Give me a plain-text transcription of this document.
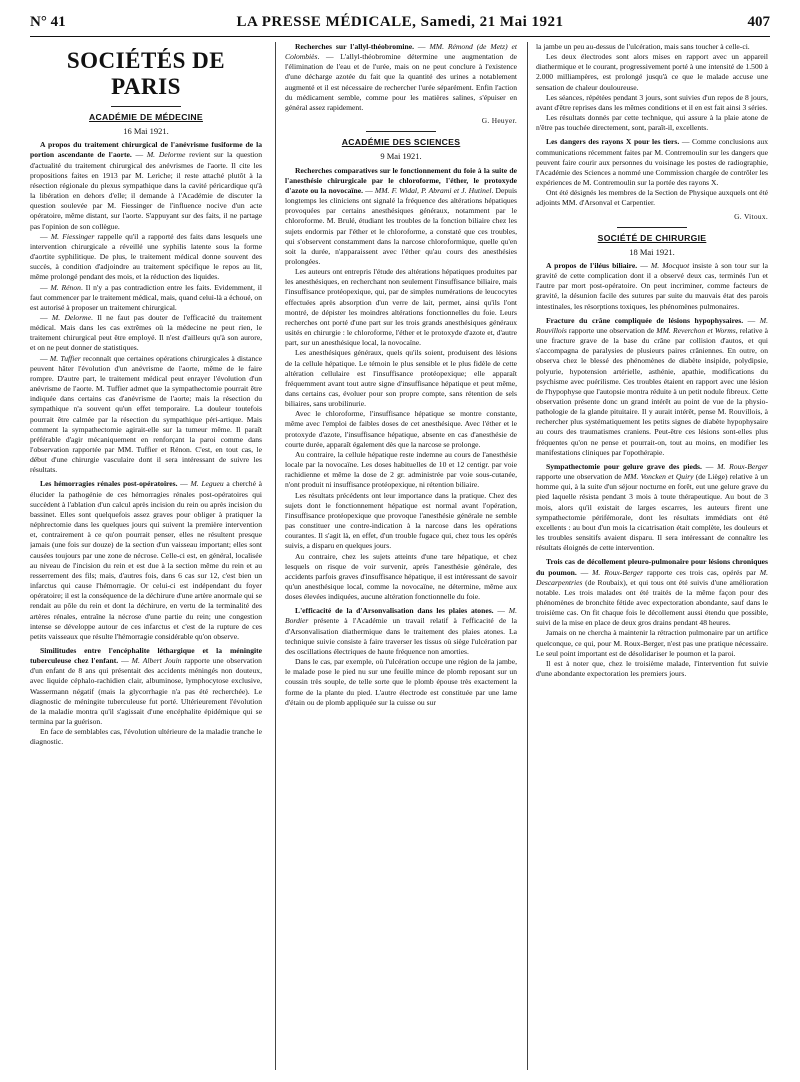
N° 41	LA PRESSE MÉDICALE, Samedi, 21 Mai 1921	407
SOCIÉTÉS DE PARIS
ACADÉMIE DE MÉDECINE
16 Mai 1921.

A propos du traitement chirurgical de l'anévrisme fusiforme de la portion ascendante de l'aorte. — M. Delorme revient sur la question d'actualité du traitement chirurgical des anévrismes de l'aorte. Il cite les propositions faites en 1913 par M. Leriche; il reste attaché plutôt à la résection régionale du plexus sympathique dans la cavité péricardique qu'à la libération en dehors d'elle; il demande à l'Académie de discuter la question soulevée par M. Fiessinger de l'influence nocive d'un acte opératoire, même distant, sur l'aorte. S'appuyant sur des faits, il ne partage pas l'opinion de son collègue.

— M. Fiessinger rappelle qu'il a rapporté des faits dans lesquels une intervention chirurgicale a réveillé une syphilis latente sous la forme d'aortite syphilitique. De plus, le traitement médical donne souvent des succès, à condition d'adjoindre au traitement spécifique le repos au lit, même prolongé pendant des mois, et la réduction des liquides.

— M. Rénon. Il n'y a pas contradiction entre les faits. Evidemment, il faut commencer par le traitement médical, mais, quand celui-là a échoué, on est autorisé à proposer un traitement chirurgical.

— M. Delorme. Il ne faut pas douter de l'efficacité du traitement médical. Mais dans les cas extrêmes où la médecine ne peut rien, le traitement chirurgical peut être employé. Il n'est d'ailleurs qu'à son aurore, et on ne peut donner de statistiques.

— M. Tuffier reconnaît que certaines opérations chirurgicales à distance peuvent hâter l'évolution d'un anévrisme de l'aorte, même de le faire rompre. D'autre part, le traitement médical peut enrayer l'évolution d'un anévrisme de l'aorte. M. Tuffier admet que la sympathectomie pourrait être indiquée dans certains cas d'anévrisme de l'aorte; mais la résection du sympathique n'a souvent qu'un effet temporaire. La douleur toutefois pourrait être calmée par la résection du sympathique péri-artique. Mais comment la sympathectomie agirait-elle sur la tumeur même. Il paraît préférable d'agir mécaniquement en renforçant la paroi comme dans l'observation rapportée par MM. Tuffier et Rénon. C'est, en tout cas, le début d'une chirurgie vasculaire dont il sera intéressant de suivre les résultats.

Les hémorragies rénales post-opératoires. — M. Legueu a cherché à élucider la pathogénie de ces hémorragies rénales post-opératoires qui succèdent à l'ablation d'un calcul après incision du rein ou après incision du bassinet. Elles sont quelquefois assez graves pour obliger à pratiquer la néphrectomie dans les quelques jours qui suivent la première intervention et, contrairement à ce qu'on pourrait penser, elles ne résultent presque jamais (une fois sur douze) de la section d'un vaisseau important; elles sont causées toujours par une zone de nécrose. Celle-ci est, en général, localisée au niveau de l'incision du rein et est due à la section même du rein et au resserrement des fils; mais, d'autres fois, dans 6 cas sur 12, c'est bien un infarctus qui cause l'hémorragie. Or celui-ci est indépendant du foyer opératoire; il est la conséquence de la déchirure d'une artère anormale qui se rendait au pôle du rein et dont la déchirure, en vertu de la terminalité des artères rénales, entraîne la nécrose d'une partie du rein; une congestion intense se développe autour de ces infarctus et c'est de la rupture de ces petits vaisseaux que résulte l'hémorragie considérable qu'on observe.

Similitudes entre l'encéphalite léthargique et la méningite tuberculeuse chez l'enfant. — M. Albert Jouin rapporte une observation d'un enfant de 8 ans qui présentait des accidents méningés non douteux, avec liquide céphalo-rachidien clair, albuminose, lymphocytose exclusive, Wassermann négatif (mais la glycorrhagie n'a pas été recherchée). Le diagnostic de méningite tuberculeuse fut porté. Ultérieurement l'évolution de la maladie montra qu'il s'agissait d'une encéphalite épidémique qui se termina par la guérison.

En face de semblables cas, l'évolution ultérieure de la maladie tranche le diagnostic.

Recherches sur l'allyl-théobromine. — MM. Rémond (de Metz) et Colombiès. — L'allyl-théobromine détermine une augmentation de l'élimination de l'eau et de l'urée, mais on ne peut conclure à l'existence d'une décharge azotée du fait que la quantité des urines a notablement augmenté et il est nécessaire de rechercher l'urée séparément. Enfin l'action du médicament semble, comme pour les matières salines, s'épuiser en général assez rapidement.

G. Heuyer.
ACADÉMIE DES SCIENCES
9 Mai 1921.

Recherches comparatives sur le fonctionnement du foie à la suite de l'anesthésie chirurgicale par le chloroforme, l'éther, le protoxyde d'azote ou la novocaïne. — MM. F. Widal, P. Abrami et J. Hutinel. Depuis longtemps les cliniciens ont signalé la fréquence des altérations hépatiques provoquées par certains anesthésiques généraux, notamment par le chloroforme. M. Brulé, étudiant les troubles de la fonction biliaire chez les sujets endormis par l'éther et le chloroforme, a constaté que ces troubles, qui s'observent constamment dans la narcose chloroformique, quelle qu'en soit la durée, n'apparaissent avec l'éther qu'au cours des anesthésies prolongées.

Les auteurs ont entrepris l'étude des altérations hépatiques produites par les anesthésiques, en recherchant non seulement l'insuffisance biliaire, mais l'insuffisance protéopexique, qui, par de simples numérations de leucocytes effectuées après absorption d'un verre de lait, permet, ainsi qu'ils l'ont montré, de dépister les moindres altérations fonctionnelles du foie. Leurs recherches ont porté d'une part sur les trois grands anesthésiques généraux usités en chirurgie : le chloroforme, l'éther et le protoxyde d'azote et, d'autre part, sur un anesthésique local, la novocaïne.

Les anesthésiques généraux, quels qu'ils soient, produisent des lésions de la cellule hépatique. Le témoin le plus sensible et le plus fidèle de cette altération cellulaire est l'insuffisance protéopexique; elle apparaît fréquemment avant tout autre signe d'insuffisance hépatique et peut même, dans certains cas, évoluer pour son propre compte, sans rétention de sels biliaires, sans urobilinurie.

Avec le chloroforme, l'insuffisance hépatique se montre constante, même avec l'emploi de faibles doses de cet anesthésique. Avec l'éther et le protoxyde d'azote, l'insuffisance hépatique, absente en cas d'anesthésie de courte durée, apparaît également dès que la narcose se prolonge.

Au contraire, la cellule hépatique reste indemne au cours de l'anesthésie locale par la novocaïne. Les doses habituelles de 10 et 12 centigr. par voie rachidienne et même la dose de 2 gr. administrée par voie sous-cutanée, n'ont produit ni insuffisance protéopexique, ni rétention biliaire.

Les résultats précédents ont leur importance dans la pratique. Chez des sujets dont le fonctionnement hépatique est normal avant l'opération, l'insuffisance protéopexique que provoque l'anesthésie générale ne semble pas constituer une contre-indication à la narcose dans les opérations courantes. Il s'agit là, en effet, d'un trouble fugace qui, chez tous les opérés suivis, a disparu en quelques jours.

Au contraire, chez les sujets atteints d'une tare hépatique, et chez lesquels on risque de voir survenir, après l'anesthésie générale, des accidents parfois graves d'insuffisance hépatique, il est intéressant de savoir qu'un anesthésique local, comme la novocaïne, ne détermine, même aux doses élevées indiquées, aucune altération fonctionnelle du foie.

L'efficacité de la d'Arsonvalisation dans les plaies atones. — M. Bordier présente à l'Académie un travail relatif à l'efficacité de la d'Arsonvalisation diathermique dans le traitement des plaies atones. La technique suivie consiste à faire traverser les tissus où siège l'ulcération par des oscillations électriques de haute fréquence non amorties.

Dans le cas, par exemple, où l'ulcération occupe une région de la jambe, le malade pose le pied nu sur une feuille mince de plomb reposant sur un coussin très souple, de telle sorte que le plomb épouse très exactement la forme de la plante du pied. L'autre électrode est constituée par une lame d'étain ou de plomb appliquée sur la cuisse ou sur

la jambe un peu au-dessus de l'ulcération, mais sans toucher à celle-ci.

Les deux électrodes sont alors mises en rapport avec un appareil diathermique et le courant, progressivement porté à une intensité de 1.500 à 2.000 milliampères, est prolongé jusqu'à ce que le malade accuse une sensation de chaleur douloureuse.

Les séances, répétées pendant 3 jours, sont suivies d'un repos de 8 jours, avant d'être reprises dans les mêmes conditions et il en est fait ainsi 3 séries.

Les résultats donnés par cette technique, qui assure à la plaie atone de n'être pas touchée directement, sont, paraît-il, excellents.

Les dangers des rayons X pour les tiers. — Comme conclusions aux communications récemment faites par M. Contremoulin sur les dangers que peuvent faire courir aux personnes du voisinage les postes de radiographie, l'Académie des Sciences a nommé une Commission chargée de contrôler les expériences de M. Contremoulin sur la portée des rayons X.

Ont été désignés les membres de la Section de Physique auxquels ont été adjoints MM. d'Arsonval et Carpentier.

G. Vitoux.
SOCIÉTÉ DE CHIRURGIE
18 Mai 1921.

A propos de l'iléus biliaire. — M. Mocquot insiste à son tour sur la gravité de cette complication dont il a observé deux cas, terminés l'un et l'autre par mort post-opératoire. On peut incriminer, comme facteurs de gravité, la désunion facile des sutures par suite du mauvais état des parois intestinales, les résorptions toxiques, les phénomènes pulmonaires.

Fracture du crâne compliquée de lésions hypophysaires. — M. Rouvillois rapporte une observation de MM. Reverchon et Worms, relative à une fracture grave de la base du crâne par collision d'autos, et qui s'accompagna de paralysies de plusieurs paires crâniennes. En outre, on observa chez le blessé des phénomènes de diabète insipide, polydipsie, polyurie, hypotension artérielle, asthénie, apathie, modifications du psychisme avec puérilisme. Ces troubles étaient en rapport avec une lésion de l'hypophyse que l'autopsie montra réduite à un petit nodule fibreux. Cette observation présente donc un grand intérêt au point de vue de la physio-pathologie de la glande pituitaire. Il y aurait intérêt, pense M. Rouvillois, à rechercher plus systématiquement les petits signes de diabète hypophysaire au cours des traumatismes craniens. Peut-être ces lésions sont-elles plus fréquentes qu'on ne pense et pourrait-on, tout au moins, en modifier les manifestations cliniques par l'opothérapie.

Sympathectomie pour gelure grave des pieds. — M. Roux-Berger rapporte une observation de MM. Voncken et Quiry (de Liège) relative à un homme qui, à la suite d'un séjour nocturne en forêt, eut une gelure grave du pied laquelle résista pendant 3 mois à toute thérapeutique. Au bout de 3 mois, alors qu'il existait de larges escarres, les auteurs firent une sympathectomie périfémorale, dont les résultats immédiats ont été excellents : au bout d'un mois la cicatrisation était complète, les douleurs et les troubles sensitifs avaient disparu. Il sera intéressant de connaître les résultats éloignés de cette intervention.

Trois cas de décollement pleuro-pulmonaire pour lésions chroniques du poumon. — M. Roux-Berger rapporte ces trois cas, opérés par M. Descarpentries (de Roubaix), et qui tous ont été suivis d'une amélioration notable. Les trois malades ont été traités de la même façon pour des phénomènes de bronchite fétide avec expectoration abondante, sauf dans le troisième cas. On fit chaque fois le décollement aussi étendu que possible, suivi de la mise en place de deux gros drains pendant 48 heures.

Jamais on ne chercha à maintenir la rétraction pulmonaire par un artifice quelconque, ce qui, pour M. Roux-Berger, n'est pas une pratique nécessaire. Le seul point important est de désolidariser le poumon et la paroi.

Il est à noter que, chez le troisième malade, l'intervention fut suivie d'une abondante expectoration les premiers jours.
